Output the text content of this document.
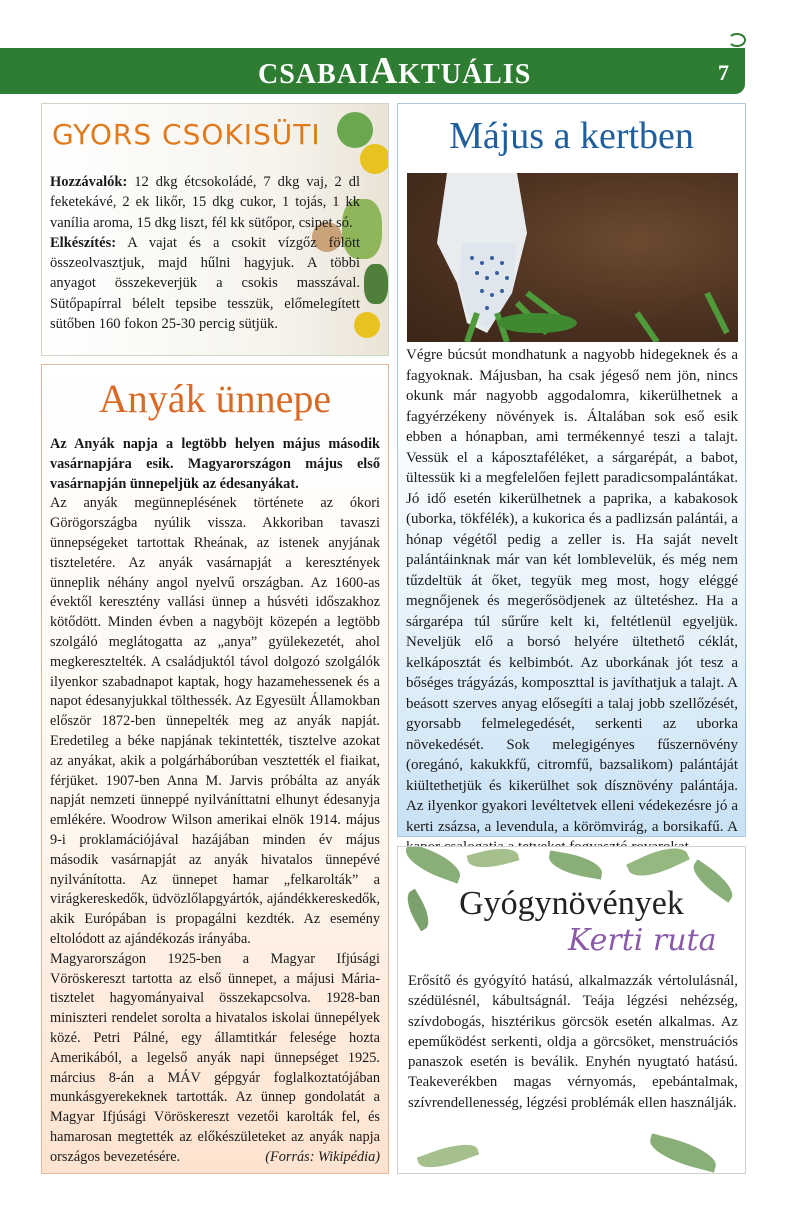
CSABAIAKTUÁLIS	7
GYORS CSOKISÜTI

Hozzávalók: 12 dkg étcsokoládé, 7 dkg vaj, 2 dl feketekávé, 2 ek likőr, 15 dkg cukor, 1 tojás, 1 kk vanília aroma, 15 dkg liszt, fél kk sütőpor, csipet só.

Elkészítés: A vajat és a csokit vízgőz fölött összeolvasztjuk, majd hűlni hagyjuk. A többi anyagot összekeverjük a csokis masszával. Sütőpapírral bélelt tepsibe tesszük, előmelegített sütőben 160 fokon 25-30 percig sütjük.

Anyák ünnepe

Az Anyák napja a legtöbb helyen május második vasárnapjára esik. Magyarországon május első vasárnapján ünnepeljük az édesanyákat.

Az anyák megünneplésének története az ókori Görögországba nyúlik vissza. Akkoriban tavaszi ünnepségeket tartottak Rheának, az istenek anyjának tiszteletére. Az anyák vasárnapját a keresztények ünneplik néhány angol nyelvű országban. Az 1600-as évektől keresztény vallási ünnep a húsvéti időszakhoz kötődött. Minden évben a nagyböjt közepén a legtöbb szolgáló meglátogatta az „anya” gyülekezetét, ahol megkeresztelték. A családjuktól távol dolgozó szolgálók ilyenkor szabadnapot kaptak, hogy hazamehessenek és a napot édesanyjukkal tölthessék. Az Egyesült Államokban először 1872-ben ünnepelték meg az anyák napját. Eredetileg a béke napjának tekintették, tisztelve azokat az anyákat, akik a polgárháborúban vesztették el fiaikat, férjüket. 1907-ben Anna M. Jarvis próbálta az anyák napját nemzeti ünneppé nyilváníttatni elhunyt édesanyja emlékére. Woodrow Wilson amerikai elnök 1914. május 9-i proklamációjával hazájában minden év május második vasárnapját az anyák hivatalos ünnepévé nyilvánította. Az ünnepet hamar „felkarolták” a virágkereskedők, üdvözlőlapgyártók, ajándékkereskedők, akik Európában is propagálni kezdték. Az esemény eltolódott az ajándékozás irányába.

Magyarországon 1925-ben a Magyar Ifjúsági Vöröskereszt tartotta az első ünnepet, a májusi Mária-tisztelet hagyományaival összekapcsolva. 1928-ban miniszteri rendelet sorolta a hivatalos iskolai ünnepélyek közé. Petri Pálné, egy államtitkár felesége hozta Amerikából, a legelső anyák napi ünnepséget 1925. március 8-án a MÁV gépgyár foglalkoztatójában munkásgyerekeknek tartották. Az ünnep gondolatát a Magyar Ifjúsági Vöröskereszt vezetői karolták fel, és hamarosan megtették az előkészületeket az anyák napja országos bevezetésére.	(Forrás: Wikipédia)

Május a kertben
Végre búcsút mondhatunk a nagyobb hidegeknek és a fagyoknak. Májusban, ha csak jégeső nem jön, nincs okunk már nagyobb aggodalomra, kikerülhetnek a fagyérzékeny növények is. Általában sok eső esik ebben a hónapban, ami termékennyé teszi a talajt. Vessük el a káposztaféléket, a sárgarépát, a babot, ültessük ki a megfelelően fejlett paradicsompalántákat. Jó idő esetén kikerülhetnek a paprika, a kabakosok (uborka, tökfélék), a kukorica és a padlizsán palántái, a hónap végétől pedig a zeller is. Ha saját nevelt palántáinknak már van két lomblevelük, és még nem tűzdeltük át őket, tegyük meg most, hogy eléggé megnőjenek és megerősödjenek az ültetéshez. Ha a sárgarépa túl sűrűre kelt ki, feltétlenül egyeljük. Neveljük elő a borsó helyére ültethető céklát, kelkáposztát és kelbimbót. Az uborkának jót tesz a bőséges trágyázás, komposzttal is javíthatjuk a talajt. A beásott szerves anyag elősegíti a talaj jobb szellőzését, gyorsabb felmelegedését, serkenti az uborka növekedését. Sok melegigényes fűszernövény (oregánó, kakukkfű, citromfű, bazsalikom) palántáját kiültethetjük és kikerülhet sok dísznövény palántája. Az ilyenkor gyakori levéltetvek elleni védekezésre jó a kerti zsázsa, a levendula, a körömvirág, a borsikafű. A
Gyógynövények
Kerti ruta
Erősítő és gyógyító hatású, alkalmazzák vértolulásnál, szédülésnél, kábultságnál. Teája légzési nehézség, szívdobogás, hisztérikus görcsök esetén alkalmas. Az epeműködést serkenti, oldja a görcsöket, menstruációs panaszok esetén is beválik. Enyhén nyugtató hatású. Teakeverékben magas vérnyomás, epebántalmak, szívrendellenesség, légzési problémák ellen használják.
